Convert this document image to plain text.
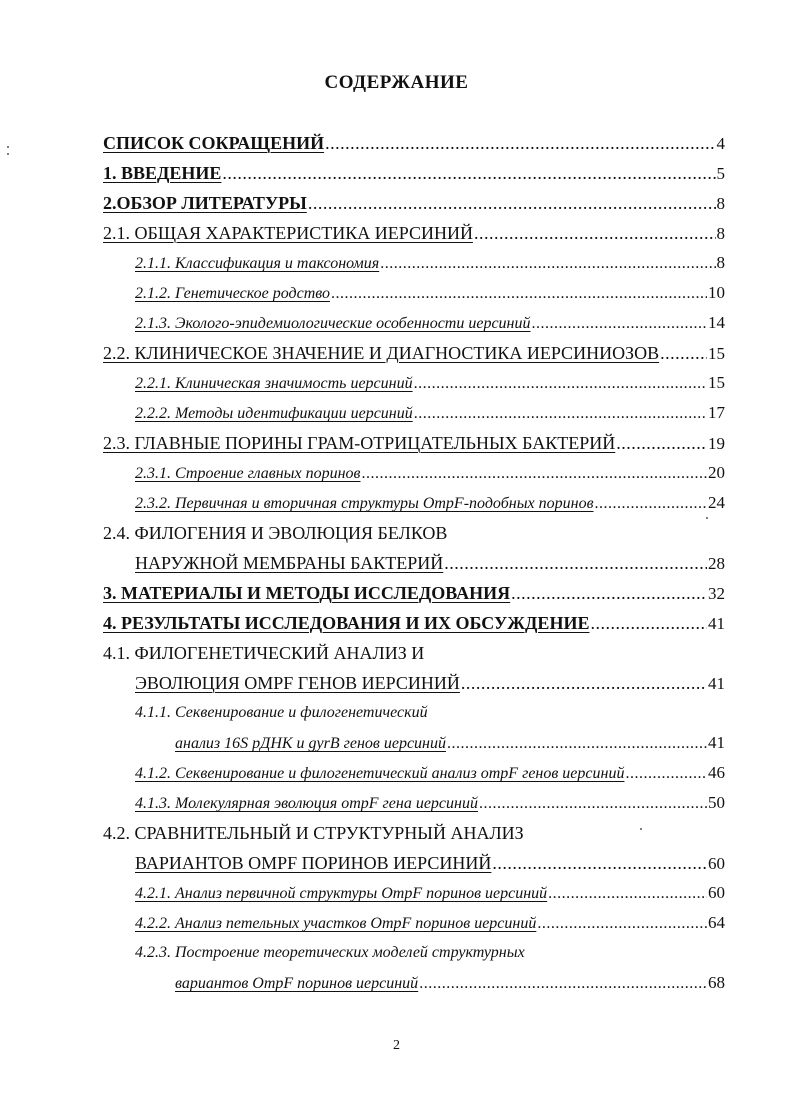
СОДЕРЖАНИЕ
СПИСОК СОКРАЩЕНИЙ .....	4
1. ВВЕДЕНИЕ .....	5
2.ОБЗОР ЛИТЕРАТУРЫ .....	8
2.1. ОБЩАЯ ХАРАКТЕРИСТИКА ИЕРСИНИЙ .....	8
2.1.1. Классификация и таксономия .....	8
2.1.2. Генетическое родство .....	10
2.1.3. Эколого-эпидемиологические особенности иерсиний .....	14
2.2. КЛИНИЧЕСКОЕ ЗНАЧЕНИЕ И ДИАГНОСТИКА ИЕРСИНИОЗОВ .....	15
2.2.1. Клиническая значимость иерсиний .....	15
2.2.2. Методы идентификации иерсиний .....	17
2.3. ГЛАВНЫЕ ПОРИНЫ ГРАМ-ОТРИЦАТЕЛЬНЫХ БАКТЕРИЙ .....	19
2.3.1. Строение главных поринов .....	20
2.3.2. Первичная и вторичная структуры OmpF-подобных поринов .....	24
2.4. ФИЛОГЕНИЯ И ЭВОЛЮЦИЯ БЕЛКОВ
НАРУЖНОЙ МЕМБРАНЫ БАКТЕРИЙ .....	28
3. МАТЕРИАЛЫ И МЕТОДЫ ИССЛЕДОВАНИЯ .....	32
4. РЕЗУЛЬТАТЫ ИССЛЕДОВАНИЯ И ИХ ОБСУЖДЕНИЕ .....	41
4.1. ФИЛОГЕНЕТИЧЕСКИЙ АНАЛИЗ И
ЭВОЛЮЦИЯ OMPF ГЕНОВ ИЕРСИНИЙ .....	41
4.1.1. Секвенирование и филогенетический
анализ 16S рДНК и gyrB генов иерсиний .....	41
4.1.2. Секвенирование и филогенетический анализ ompF генов иерсиний .....	46
4.1.3. Молекулярная эволюция ompF гена иерсиний .....	50
4.2. СРАВНИТЕЛЬНЫЙ И СТРУКТУРНЫЙ АНАЛИЗ
ВАРИАНТОВ OMPF ПОРИНОВ ИЕРСИНИЙ .....	60
4.2.1. Анализ первичной структуры OmpF поринов иерсиний .....	60
4.2.2. Анализ петельных участков OmpF поринов иерсиний .....	64
4.2.3. Построение теоретических моделей структурных
вариантов OmpF поринов иерсиний .....	68
2
